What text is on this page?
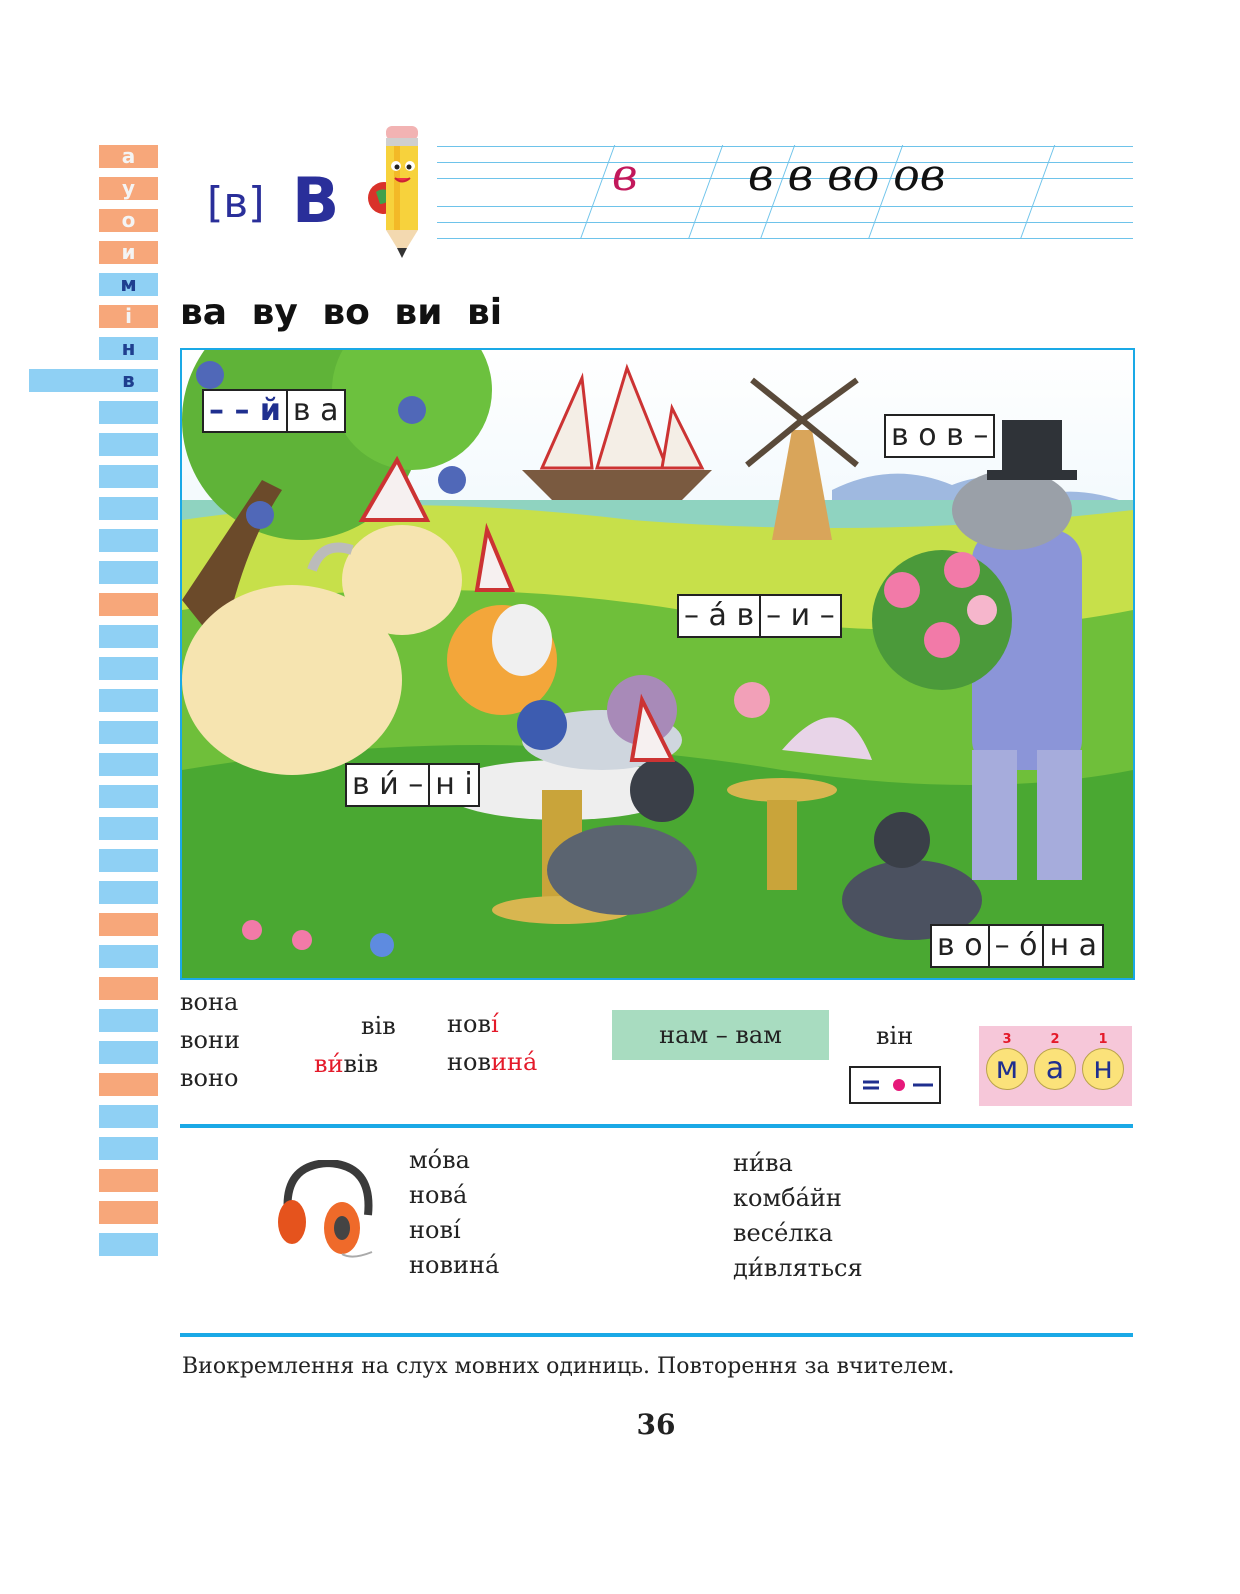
а
у
о
и
м
і
н
в
[в] В	в	в в во ов
ва ву во ви ві
– – й в а
в о в –
– а́ в – и –
в и́ – н і
в о – о́ н а
вона
вони
воно
вів
ви́вів
нові́
новина́
нам – вам	він	3
м
2
а
1
н
мо́ва
нова́
нові́
новина́
ни́ва
комба́йн
весе́лка
ди́вляться
Виокремлення на слух мовних одиниць. Повторення за вчителем.
36
